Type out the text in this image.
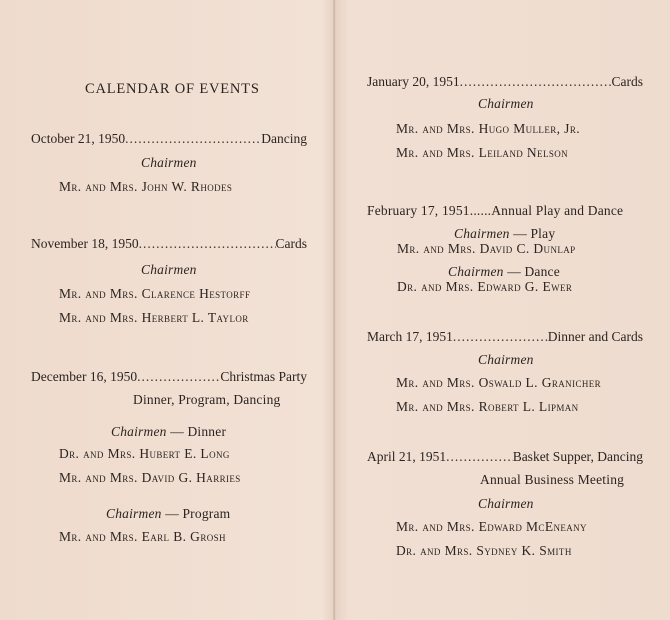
CALENDAR OF EVENTS
October 21, 1950 .....	Dancing
Chairmen
Mr. and Mrs. John W. Rhodes
November 18, 1950 .....	Cards
Chairmen
Mr. and Mrs. Clarence Hestorff
Mr. and Mrs. Herbert L. Taylor
December 16, 1950 .....	Christmas Party
Dinner, Program, Dancing
Chairmen — Dinner
Dr. and Mrs. Hubert E. Long
Mr. and Mrs. David G. Harries
Chairmen — Program
Mr. and Mrs. Earl B. Grosh
January 20, 1951 .....	Cards
Chairmen
Mr. and Mrs. Hugo Muller, Jr.
Mr. and Mrs. Leiland Nelson
February 17, 1951......Annual Play and Dance
Chairmen — Play
Mr. and Mrs. David C. Dunlap
Chairmen — Dance
Dr. and Mrs. Edward G. Ewer
March 17, 1951 .....	Dinner and Cards
Chairmen
Mr. and Mrs. Oswald L. Granicher
Mr. and Mrs. Robert L. Lipman
April 21, 1951 .....	Basket Supper, Dancing
Annual Business Meeting
Chairmen
Mr. and Mrs. Edward McEneany
Dr. and Mrs. Sydney K. Smith
